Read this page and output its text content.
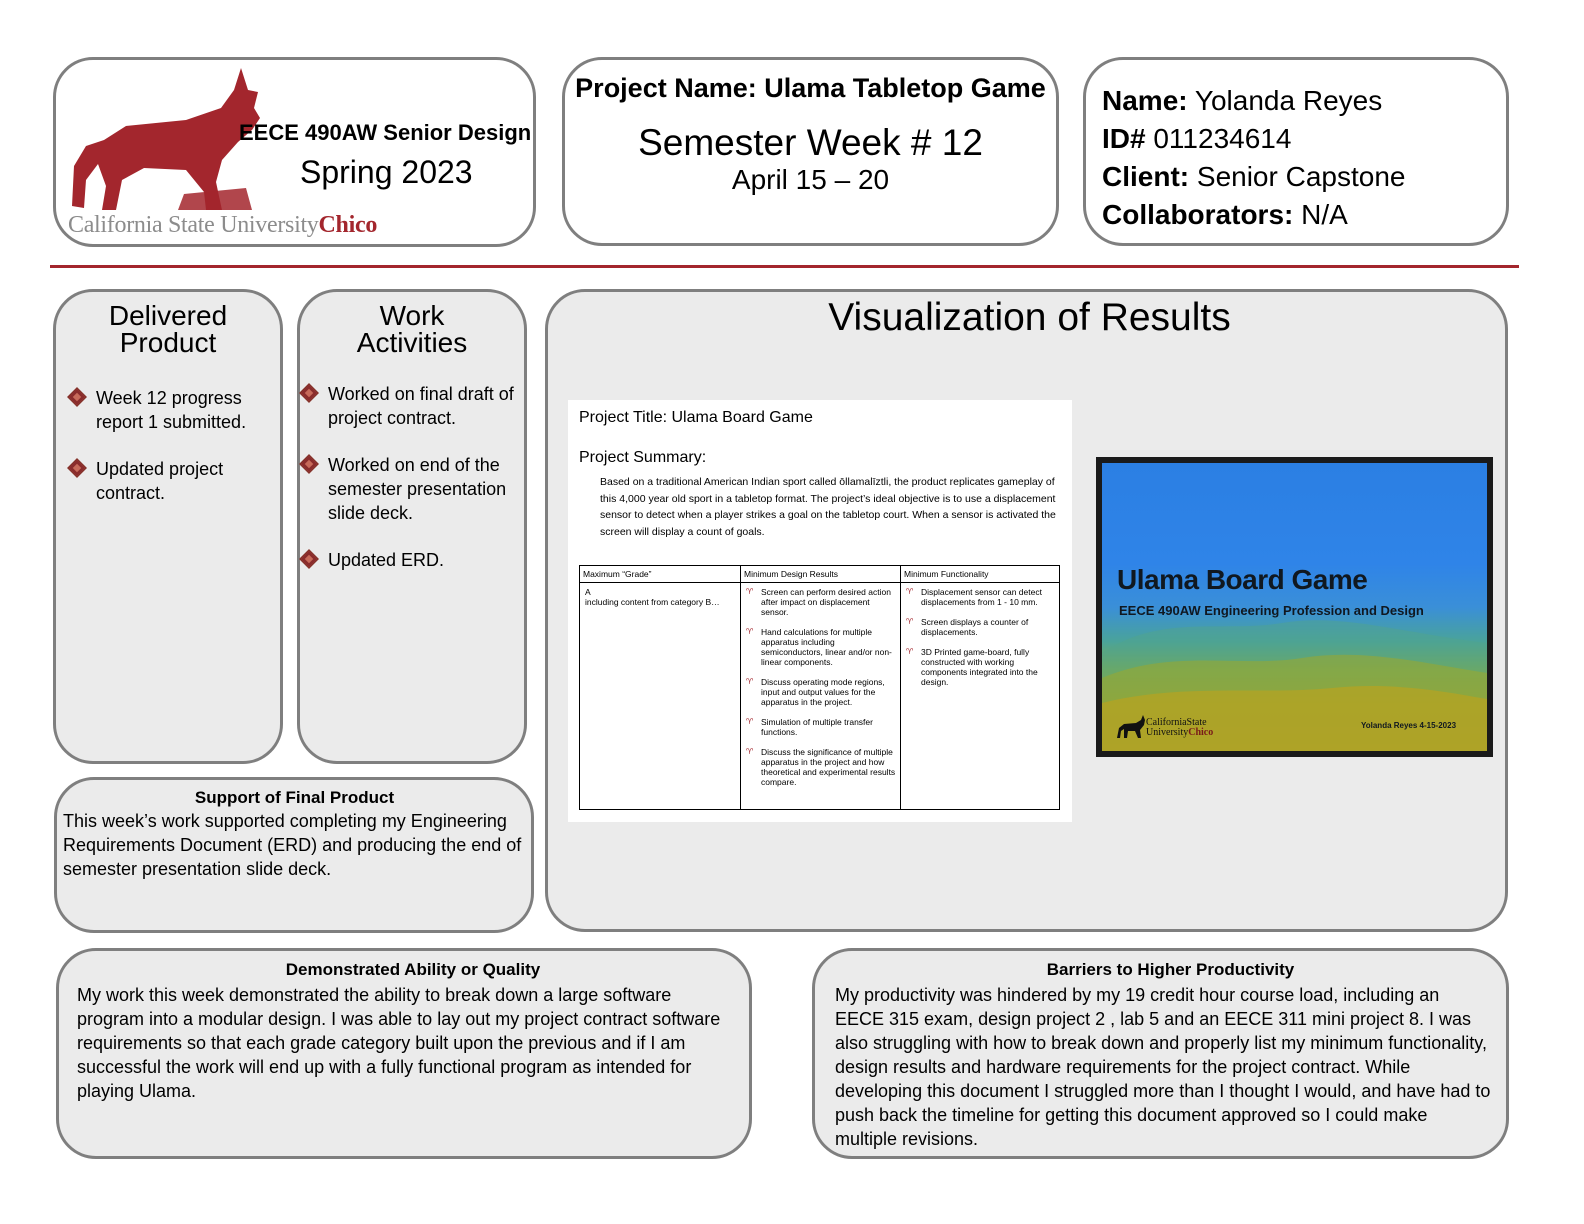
EECE 490AW Senior Design
Spring 2023
California State UniversityChico
Project Name: Ulama Tabletop Game
Semester Week # 12
April 15 – 20
Name: Yolanda Reyes
ID# 011234614
Client: Senior Capstone
Collaborators: N/A
Delivered
Product
Week 12 progress report 1 submitted.
Updated project contract.
Work
Activities
Worked on final draft of project contract.
Worked on end of the semester presentation slide deck.
Updated ERD.
Support of Final Product
This week’s work supported completing my Engineering Requirements Document (ERD) and producing the end of semester presentation slide deck.
Visualization of Results
Project Title: Ulama Board Game
Project Summary:
Based on a traditional American Indian sport called ōllamalīztli, the product replicates gameplay of this 4,000 year old sport in a tabletop format. The project’s ideal objective is to use a displacement sensor to detect when a player strikes a goal on the tabletop court. When a sensor is activated the screen will display a count of goals.
Maximum “Grade”
A
including content from category B…
Minimum Design Results
♈ Screen can perform desired action after impact on displacement sensor.
♈ Hand calculations for multiple apparatus including semiconductors, linear and/or non-linear components.
♈ Discuss operating mode regions, input and output values for the apparatus in the project.
♈ Simulation of multiple transfer functions.
♈ Discuss the significance of multiple apparatus in the project and how theoretical and experimental results compare.
Minimum Functionality
♈ Displacement sensor can detect displacements from 1 - 10 mm.
♈ Screen displays a counter of displacements.
♈ 3D Printed game-board, fully constructed with working components integrated into the design.
Ulama Board Game
EECE 490AW Engineering Profession and Design
CaliforniaState
UniversityChico
Yolanda Reyes 4-15-2023
Demonstrated Ability or Quality
My work this week demonstrated the ability to break down a large software program into a modular design. I was able to lay out my project contract software requirements so that each grade category built upon the previous and if I am successful the work will end up with a fully functional program as intended for playing Ulama.
Barriers to Higher Productivity
My productivity was hindered by my 19 credit hour course load, including an EECE 315 exam, design project 2 , lab 5 and an EECE 311 mini project 8. I was also struggling with how to break down and properly list my minimum functionality, design results and hardware requirements for the project contract. While developing this document I struggled more than I thought I would, and have had to push back the timeline for getting this document approved so I could make multiple revisions.
